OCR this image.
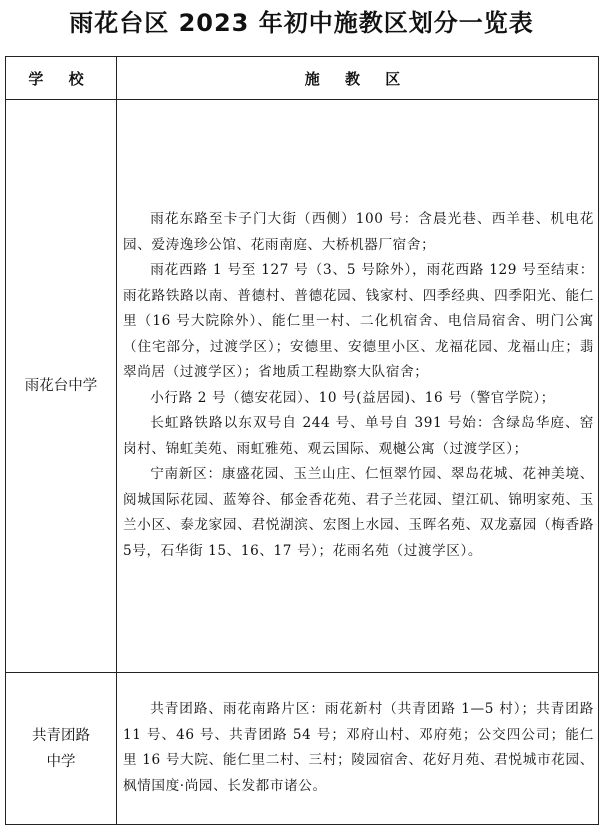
雨花台区 2023 年初中施教区划分一览表
学 校	施 教 区
雨花台中学	雨花东路至卡子门大街（西侧）100 号：含晨光巷、西羊巷、机电花园、爱涛逸珍公馆、花雨南庭、大桥机器厂宿舍；

雨花西路 1 号至 127 号（3、5 号除外），雨花西路 129 号至结束：雨花路铁路以南、普德村、普德花园、钱家村、四季经典、四季阳光、能仁里（16 号大院除外）、能仁里一村、二化机宿舍、电信局宿舍、明门公寓（住宅部分，过渡学区）；安德里、安德里小区、龙福花园、龙福山庄；翡翠尚居（过渡学区）；省地质工程勘察大队宿舍；

小行路 2 号（德安花园）、10 号(益居园)、16 号（警官学院）；

长虹路铁路以东双号自 244 号、单号自 391 号始：含绿岛华庭、窑岗村、锦虹美苑、雨虹雅苑、观云国际、观樾公寓（过渡学区）；

宁南新区：康盛花园、玉兰山庄、仁恒翠竹园、翠岛花城、花神美境、阅城国际花园、蓝筹谷、郁金香花苑、君子兰花园、望江矶、锦明家苑、玉兰小区、泰龙家园、君悦湖滨、宏图上水园、玉晖名苑、双龙嘉园（梅香路 5号，石华街 15、16、17 号）；花雨名苑（过渡学区）。

共青团路中学	共青团路、雨花南路片区：雨花新村（共青团路 1—5 村）；共青团路 11 号、46 号、共青团路 54 号；邓府山村、邓府苑；公交四公司；能仁里 16 号大院、能仁里二村、三村；陵园宿舍、花好月苑、君悦城市花园、枫情国度·尚园、长发都市诸公。
